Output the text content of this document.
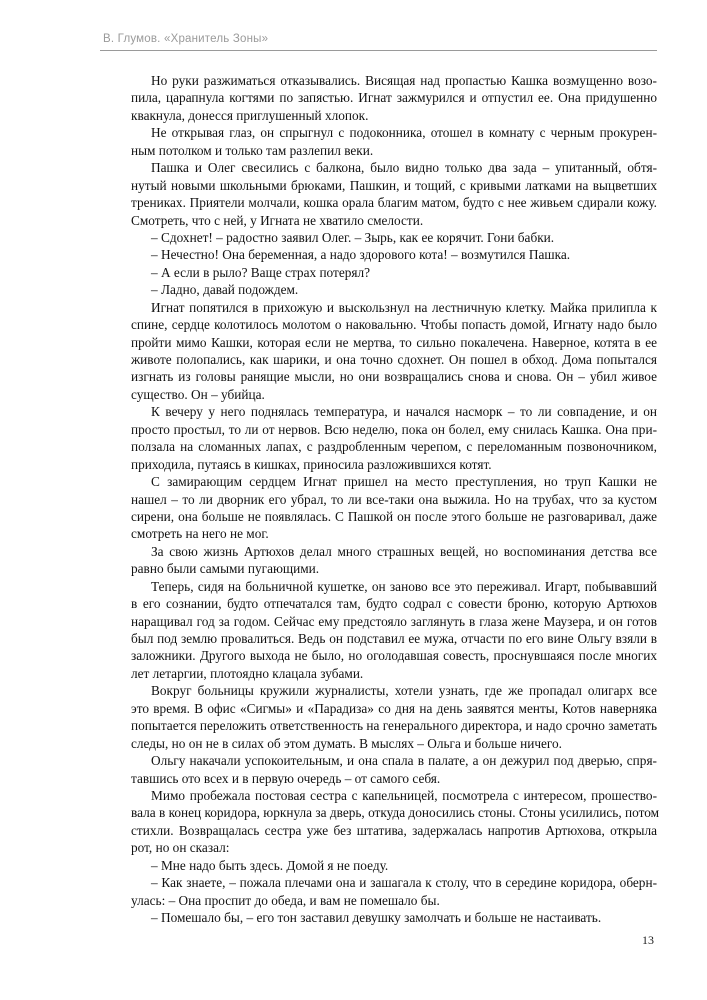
В. Глумов. «Хранитель Зоны»
Но руки разжиматься отказывались. Висящая над пропастью Кашка возмущенно возо-
пила, царапнула когтями по запястью. Игнат зажмурился и отпустил ее. Она придушенно
квакнула, донесся приглушенный хлопок.
Не открывая глаз, он спрыгнул с подоконника, отошел в комнату с черным прокурен-
ным потолком и только там разлепил веки.
Пашка и Олег свесились с балкона, было видно только два зада – упитанный, обтя-
нутый новыми школьными брюками, Пашкин, и тощий, с кривыми латками на выцветших
трениках. Приятели молчали, кошка орала благим матом, будто с нее живьем сдирали кожу.
Смотреть, что с ней, у Игната не хватило смелости.
– Сдохнет! – радостно заявил Олег. – Зырь, как ее корячит. Гони бабки.
– Нечестно! Она беременная, а надо здорового кота! – возмутился Пашка.
– А если в рыло? Ваще страх потерял?
– Ладно, давай подождем.
Игнат попятился в прихожую и выскользнул на лестничную клетку. Майка прилипла к
спине, сердце колотилось молотом о наковальню. Чтобы попасть домой, Игнату надо было
пройти мимо Кашки, которая если не мертва, то сильно покалечена. Наверное, котята в ее
животе полопались, как шарики, и она точно сдохнет. Он пошел в обход. Дома попытался
изгнать из головы ранящие мысли, но они возвращались снова и снова. Он – убил живое
существо. Он – убийца.
К вечеру у него поднялась температура, и начался насморк – то ли совпадение, и он
просто простыл, то ли от нервов. Всю неделю, пока он болел, ему снилась Кашка. Она при-
ползала на сломанных лапах, с раздробленным черепом, с переломанным позвоночником,
приходила, путаясь в кишках, приносила разложившихся котят.
С замирающим сердцем Игнат пришел на место преступления, но труп Кашки не
нашел – то ли дворник его убрал, то ли все-таки она выжила. Но на трубах, что за кустом
сирени, она больше не появлялась. С Пашкой он после этого больше не разговаривал, даже
смотреть на него не мог.
За свою жизнь Артюхов делал много страшных вещей, но воспоминания детства все
равно были самыми пугающими.
Теперь, сидя на больничной кушетке, он заново все это переживал. Игарт, побывавший
в его сознании, будто отпечатался там, будто содрал с совести броню, которую Артюхов
наращивал год за годом. Сейчас ему предстояло заглянуть в глаза жене Маузера, и он готов
был под землю провалиться. Ведь он подставил ее мужа, отчасти по его вине Ольгу взяли в
заложники. Другого выхода не было, но оголодавшая совесть, проснувшаяся после многих
лет летаргии, плотоядно клацала зубами.
Вокруг больницы кружили журналисты, хотели узнать, где же пропадал олигарх все
это время. В офис «Сигмы» и «Парадиза» со дня на день заявятся менты, Котов наверняка
попытается переложить ответственность на генерального директора, и надо срочно заметать
следы, но он не в силах об этом думать. В мыслях – Ольга и больше ничего.
Ольгу накачали успокоительным, и она спала в палате, а он дежурил под дверью, спря-
тавшись ото всех и в первую очередь – от самого себя.
Мимо пробежала постовая сестра с капельницей, посмотрела с интересом, прошество-
вала в конец коридора, юркнула за дверь, откуда доносились стоны. Стоны усилились, потом
стихли. Возвращалась сестра уже без штатива, задержалась напротив Артюхова, открыла
рот, но он сказал:
– Мне надо быть здесь. Домой я не поеду.
– Как знаете, – пожала плечами она и зашагала к столу, что в середине коридора, оберн-
улась: – Она проспит до обеда, и вам не помешало бы.
– Помешало бы, – его тон заставил девушку замолчать и больше не настаивать.
13
